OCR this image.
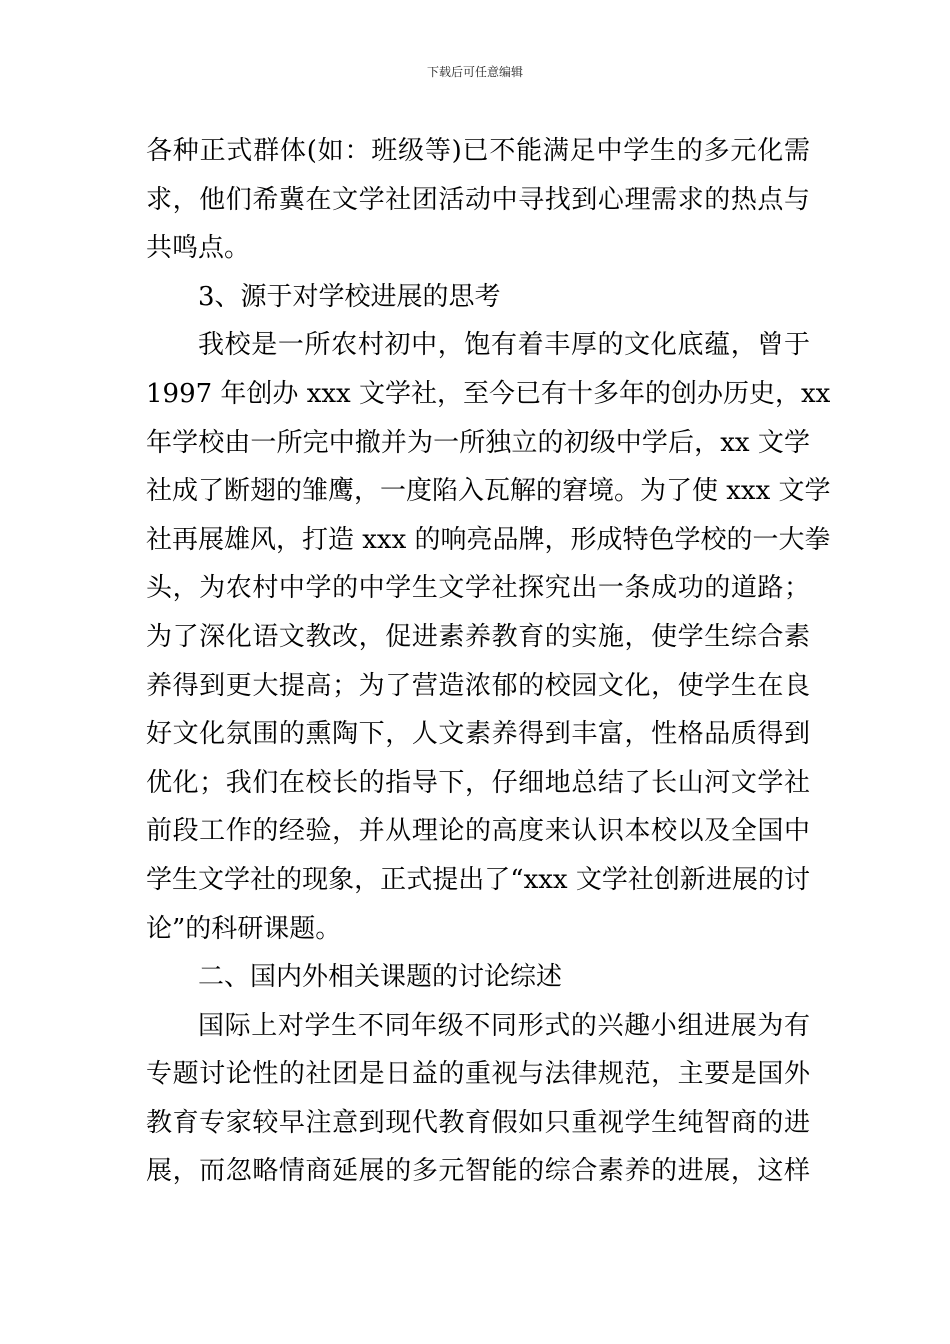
下载后可任意编辑
各种正式群体(如：班级等)已不能满足中学生的多元化需
求，他们希冀在文学社团活动中寻找到心理需求的热点与
共鸣点。
3、源于对学校进展的思考
我校是一所农村初中，饱有着丰厚的文化底蕴，曾于
1997 年创办 xxx 文学社，至今已有十多年的创办历史，xx
年学校由一所完中撤并为一所独立的初级中学后，xx 文学
社成了断翅的雏鹰，一度陷入瓦解的窘境。为了使 xxx 文学
社再展雄风，打造 xxx 的响亮品牌，形成特色学校的一大拳
头，为农村中学的中学生文学社探究出一条成功的道路；
为了深化语文教改，促进素养教育的实施，使学生综合素
养得到更大提高；为了营造浓郁的校园文化，使学生在良
好文化氛围的熏陶下，人文素养得到丰富，性格品质得到
优化；我们在校长的指导下，仔细地总结了长山河文学社
前段工作的经验，并从理论的高度来认识本校以及全国中
学生文学社的现象，正式提出了“xxx 文学社创新进展的讨
论”的科研课题。
二、国内外相关课题的讨论综述
国际上对学生不同年级不同形式的兴趣小组进展为有
专题讨论性的社团是日益的重视与法律规范，主要是国外
教育专家较早注意到现代教育假如只重视学生纯智商的进
展，而忽略情商延展的多元智能的综合素养的进展，这样
